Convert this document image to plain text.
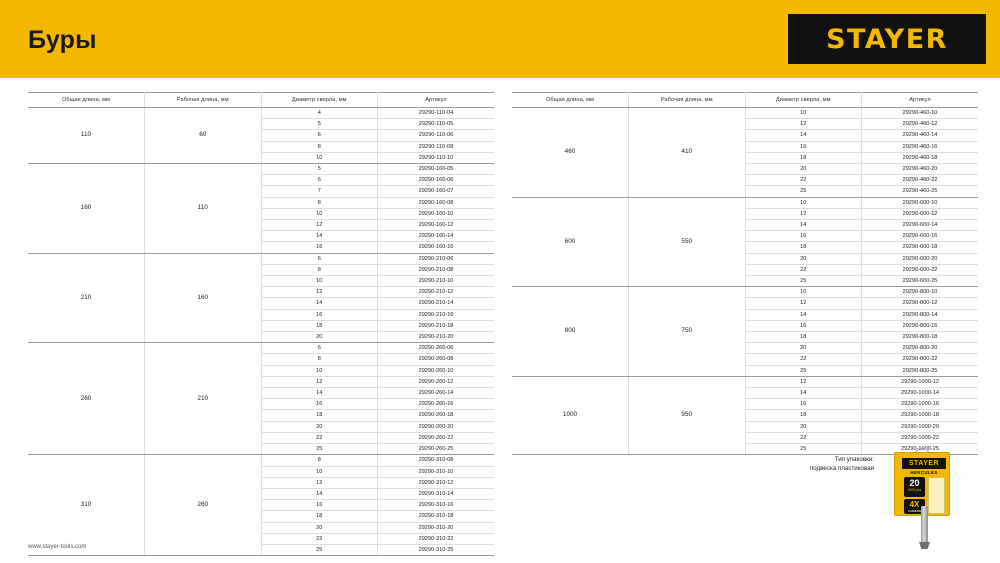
Буры	STAYER
Общая длина, мм	Рабочая длина, мм	Диаметр сверла, мм	Артикул
110	60	4	29290-110-04
		5	29290-110-05
		6	29290-110-06
		8	29290-110-08
		10	29290-110-10
160	110	5	29290-160-05
		6	29290-160-06
		7	29290-160-07
		8	29290-160-08
		10	29290-160-10
		12	29290-160-12
		14	29290-160-14
		16	29290-160-16
210	160	6	29290-210-06
		8	29290-210-08
		10	29290-210-10
		12	29290-210-12
		14	29290-210-14
		16	29290-210-16
		18	29290-210-18
		20	29290-210-20
260	210	6	29290-260-06
		8	29290-260-08
		10	29290-260-10
		12	29290-260-12
		14	29290-260-14
		16	29290-260-16
		18	29290-260-18
		20	29290-260-20
		22	29290-260-22
		25	29290-260-25
310	260	8	29290-310-08
		10	29290-310-10
		12	29290-310-12
		14	29290-310-14
		16	29290-310-16
		18	29290-310-18
		20	29290-310-20
		22	29290-310-22
		25	29290-310-25
Общая длина, мм	Рабочая длина, мм	Диаметр сверла, мм	Артикул
460	410	10	29290-460-10
		12	29290-460-12
		14	29290-460-14
		16	29290-460-16
		18	29290-460-18
		20	29290-460-20
		22	29290-460-22
		25	29290-460-25
600	550	10	29290-600-10
		12	29290-600-12
		14	29290-600-14
		16	29290-600-16
		18	29290-600-18
		20	29290-600-20
		22	29290-600-22
		25	29290-600-25
800	750	10	29290-800-10
		12	29290-800-12
		14	29290-800-14
		16	29290-800-16
		18	29290-800-18
		20	29290-800-20
		22	29290-800-22
		25	29290-800-25
1000	950	12	29290-1000-12
		14	29290-1000-14
		16	29290-1000-16
		18	29290-1000-18
		20	29290-1000-20
		22	29290-1000-22
		25	29290-1000-25
Тип упаковки:
подвеска пластиковая
STAYER
HERCULES
20
1500 pcs
4X
CARBIDE
www.stayer-tools.com
